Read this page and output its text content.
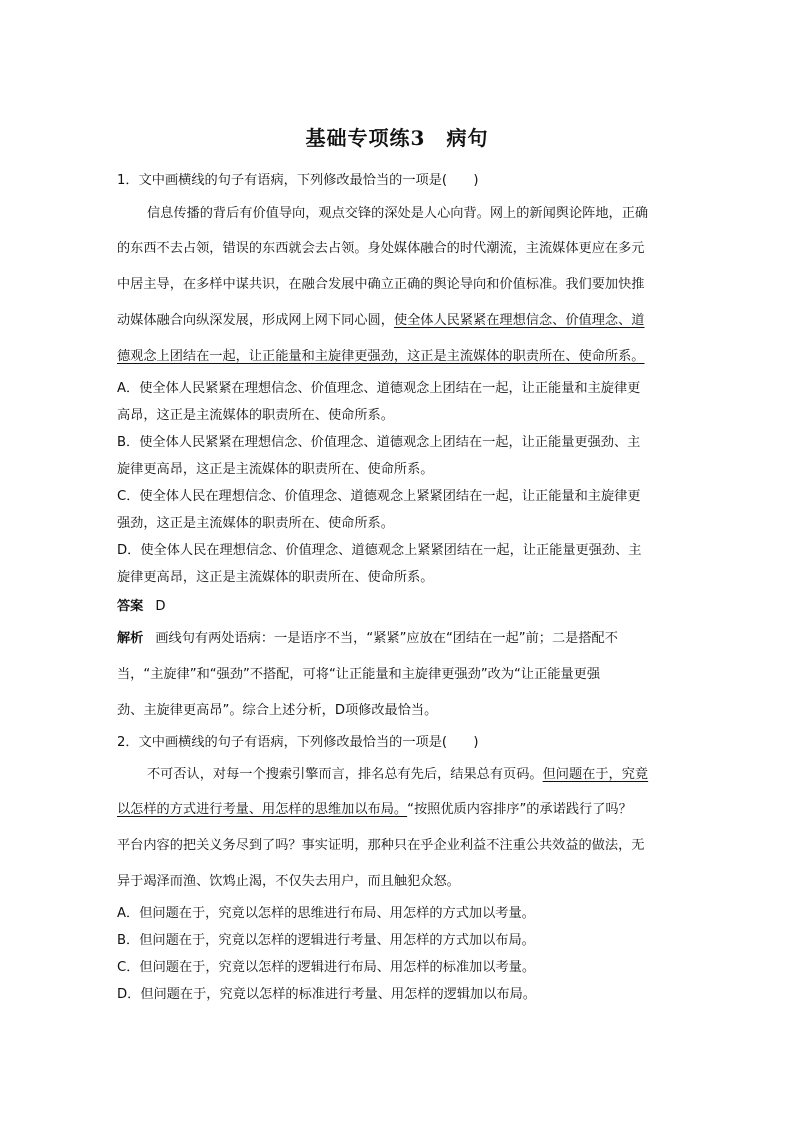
基础专项练3　病句
1．文中画横线的句子有语病，下列修改最恰当的一项是(　　)
信息传播的背后有价值导向，观点交锋的深处是人心向背。网上的新闻舆论阵地，正确
的东西不去占领，错误的东西就会去占领。身处媒体融合的时代潮流，主流媒体更应在多元
中居主导，在多样中谋共识，在融合发展中确立正确的舆论导向和价值标准。我们要加快推
动媒体融合向纵深发展，形成网上网下同心圆，使全体人民紧紧在理想信念、价值理念、道
德观念上团结在一起，让正能量和主旋律更强劲，这正是主流媒体的职责所在、使命所系。
A．使全体人民紧紧在理想信念、价值理念、道德观念上团结在一起，让正能量和主旋律更
高昂，这正是主流媒体的职责所在、使命所系。
B．使全体人民紧紧在理想信念、价值理念、道德观念上团结在一起，让正能量更强劲、主
旋律更高昂，这正是主流媒体的职责所在、使命所系。
C．使全体人民在理想信念、价值理念、道德观念上紧紧团结在一起，让正能量和主旋律更
强劲，这正是主流媒体的职责所在、使命所系。
D．使全体人民在理想信念、价值理念、道德观念上紧紧团结在一起，让正能量更强劲、主
旋律更高昂，这正是主流媒体的职责所在、使命所系。
答案 D
解析 画线句有两处语病：一是语序不当，“紧紧”应放在“团结在一起”前；二是搭配不
当，“主旋律”和“强劲”不搭配，可将“让正能量和主旋律更强劲”改为“让正能量更强
劲、主旋律更高昂”。综合上述分析，D项修改最恰当。
2．文中画横线的句子有语病，下列修改最恰当的一项是(　　)
不可否认，对每一个搜索引擎而言，排名总有先后，结果总有页码。但问题在于，究竟
以怎样的方式进行考量、用怎样的思维加以布局。“按照优质内容排序”的承诺践行了吗？
平台内容的把关义务尽到了吗？事实证明，那种只在乎企业利益不注重公共效益的做法，无
异于竭泽而渔、饮鸩止渴，不仅失去用户，而且触犯众怒。
A．但问题在于，究竟以怎样的思维进行布局、用怎样的方式加以考量。
B．但问题在于，究竟以怎样的逻辑进行考量、用怎样的方式加以布局。
C．但问题在于，究竟以怎样的逻辑进行布局、用怎样的标准加以考量。
D．但问题在于，究竟以怎样的标准进行考量、用怎样的逻辑加以布局。
